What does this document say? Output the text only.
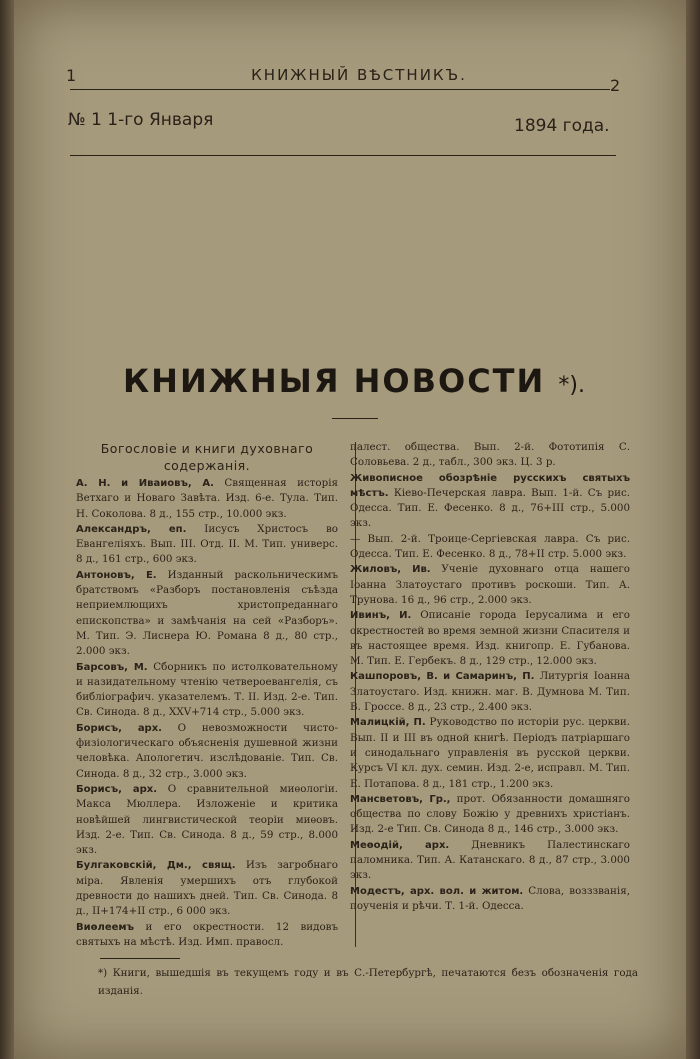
1	КНИЖНЫЙ ВѢСТНИКЪ.
2
№ 1 1-го Января	1894 года.
КНИЖНЫЯ НОВОСТИ *).
Богословіе и книги духовнаго содержанія.

А. Н. и Иваиовъ, А. Священная исторія Ветхаго и Новаго Завѣта. Изд. 6-е. Тула. Тип. Н. Соколова. 8 д., 155 стр., 10.000 экз.

Александръ, еп. Іисусъ Христосъ во Евангеліяхъ. Вып. III. Отд. II. М. Тип. универс. 8 д., 161 стр., 600 экз.

Антоновъ, Е. Изданный раскольническимъ братствомъ «Разборъ постановленія съѣзда неприемлющихъ христопреданнаго епископства» и замѣчанія на сей «Разборъ». М. Тип. Э. Лиснера Ю. Романа 8 д., 80 стр., 2.000 экз.

Барсовъ, М. Сборникъ по истолковательному и назидательному чтенію четвероевангелія, съ библіографич. указателемъ. Т. II. Изд. 2-е. Тип. Св. Синода. 8 д., XXV+714 стр., 5.000 экз.

Борисъ, арх. О невозможности чисто-физіологическаго объясненія душевной жизни человѣка. Апологетич. изслѣдованіе. Тип. Св. Синода. 8 д., 32 стр., 3.000 экз.

Борисъ, арх. О сравнительной миѳологіи. Макса Мюллера. Изложеніе и критика новѣйшей лингвистической теоріи миѳовъ. Изд. 2-е. Тип. Св. Синода. 8 д., 59 стр., 8.000 экз.

Булгаковскій, Дм., свящ. Изъ загробнаго міра. Явленія умершихъ отъ глубокой древности до нашихъ дней. Тип. Св. Синода. 8 д., II+174+II стр., 6 000 экз.

Виѳлеемъ и его окрестности. 12 видовъ святыхъ на мѣстѣ. Изд. Имп. правосл.

палест. общества. Вып. 2-й. Фототипія С. Соловьева. 2 д., табл., 300 экз. Ц. 3 р.

Живописное обозрѣніе русскихъ святыхъ мѣстъ. Кіево-Печерская лавра. Вып. 1-й. Съ рис. Одесса. Тип. Е. Фесенко. 8 д., 76+III стр., 5.000 экз.

— Вып. 2-й. Троице-Сергіевская лавра. Съ рис. Одесса. Тип. Е. Фесенко. 8 д., 78+II стр. 5.000 экз.

Жиловъ, Ив. Ученіе духовнаго отца нашего Іоанна Златоустаго противъ роскоши. Тип. А. Трунова. 16 д., 96 стр., 2.000 экз.

Ивинъ, И. Описаніе города Іерусалима и его окрестностей во время земной жизни Спасителя и въ настоящее время. Изд. книгопр. Е. Губанова. М. Тип. Е. Гербекъ. 8 д., 129 стр., 12.000 экз.

Кашпоровъ, В. и Самаринъ, П. Литургія Іоанна Златоустаго. Изд. книжн. маг. В. Думнова М. Тип. В. Гроссе. 8 д., 23 стр., 2.400 экз.

Малицкій, П. Руководство по исторіи рус. церкви. Вып. II и III въ одной книгѣ. Періодъ патріаршаго и синодальнаго управленія въ русской церкви. Курсъ VI кл. дух. семин. Изд. 2-е, исправл. М. Тип. Е. Потапова. 8 д., 181 стр., 1.200 экз.

Мансветовъ, Гр., прот. Обязанности домашняго общества по слову Божію у древнихъ христіанъ. Изд. 2-е Тип. Св. Синода 8 д., 146 стр., 3.000 экз.

Меѳодій, арх. Дневникъ Палестинскаго паломника. Тип. А. Катанскаго. 8 д., 87 стр., 3.000 экз.

Модестъ, арх. вол. и житом. Слова, возззванія, поученія и рѣчи. Т. 1-й. Одесса.

*) Книги, вышедшія въ текущемъ году и въ С.-Петербургѣ, печатаются безъ обозначенія года изданія.
